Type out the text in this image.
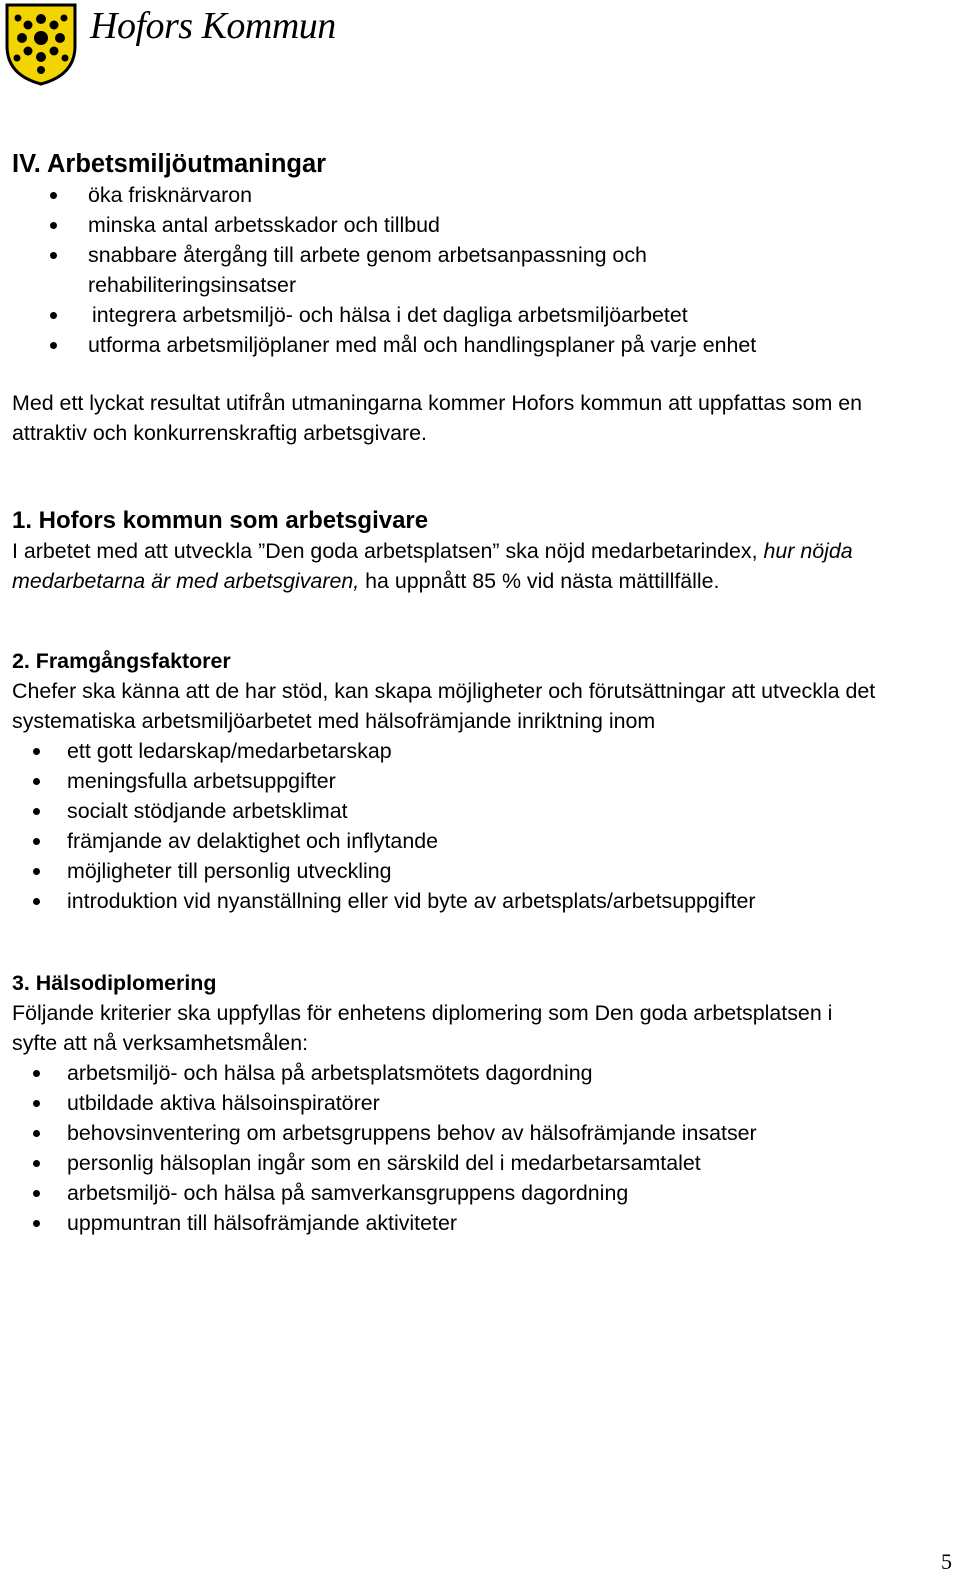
Hofors Kommun
IV. Arbetsmiljöutmaningar
öka frisknärvaron
minska antal arbetsskador och tillbud
snabbare återgång till arbete genom arbetsanpassning och rehabiliteringsinsatser
integrera arbetsmiljö- och hälsa i det dagliga arbetsmiljöarbetet
utforma arbetsmiljöplaner med mål och handlingsplaner på varje enhet

Med ett lyckat resultat utifrån utmaningarna kommer Hofors kommun att uppfattas som en attraktiv och konkurrenskraftig arbetsgivare.

1. Hofors kommun som arbetsgivare

I arbetet med att utveckla ”Den goda arbetsplatsen” ska nöjd medarbetarindex, hur nöjda medarbetarna är med arbetsgivaren, ha uppnått 85 % vid nästa mättillfälle.

2. Framgångsfaktorer

Chefer ska känna att de har stöd, kan skapa möjligheter och förutsättningar att utveckla det systematiska arbetsmiljöarbetet med hälsofrämjande inriktning inom

ett gott ledarskap/medarbetarskap
meningsfulla arbetsuppgifter
socialt stödjande arbetsklimat
främjande av delaktighet och inflytande
möjligheter till personlig utveckling
introduktion vid nyanställning eller vid byte av arbetsplats/arbetsuppgifter
3. Hälsodiplomering

Följande kriterier ska uppfyllas för enhetens diplomering som Den goda arbetsplatsen i syfte att nå verksamhetsmålen:

arbetsmiljö- och hälsa på arbetsplatsmötets dagordning
utbildade aktiva hälsoinspiratörer
behovsinventering om arbetsgruppens behov av hälsofrämjande insatser
personlig hälsoplan ingår som en särskild del i medarbetarsamtalet
arbetsmiljö- och hälsa på samverkansgruppens dagordning
uppmuntran till hälsofrämjande aktiviteter
5
